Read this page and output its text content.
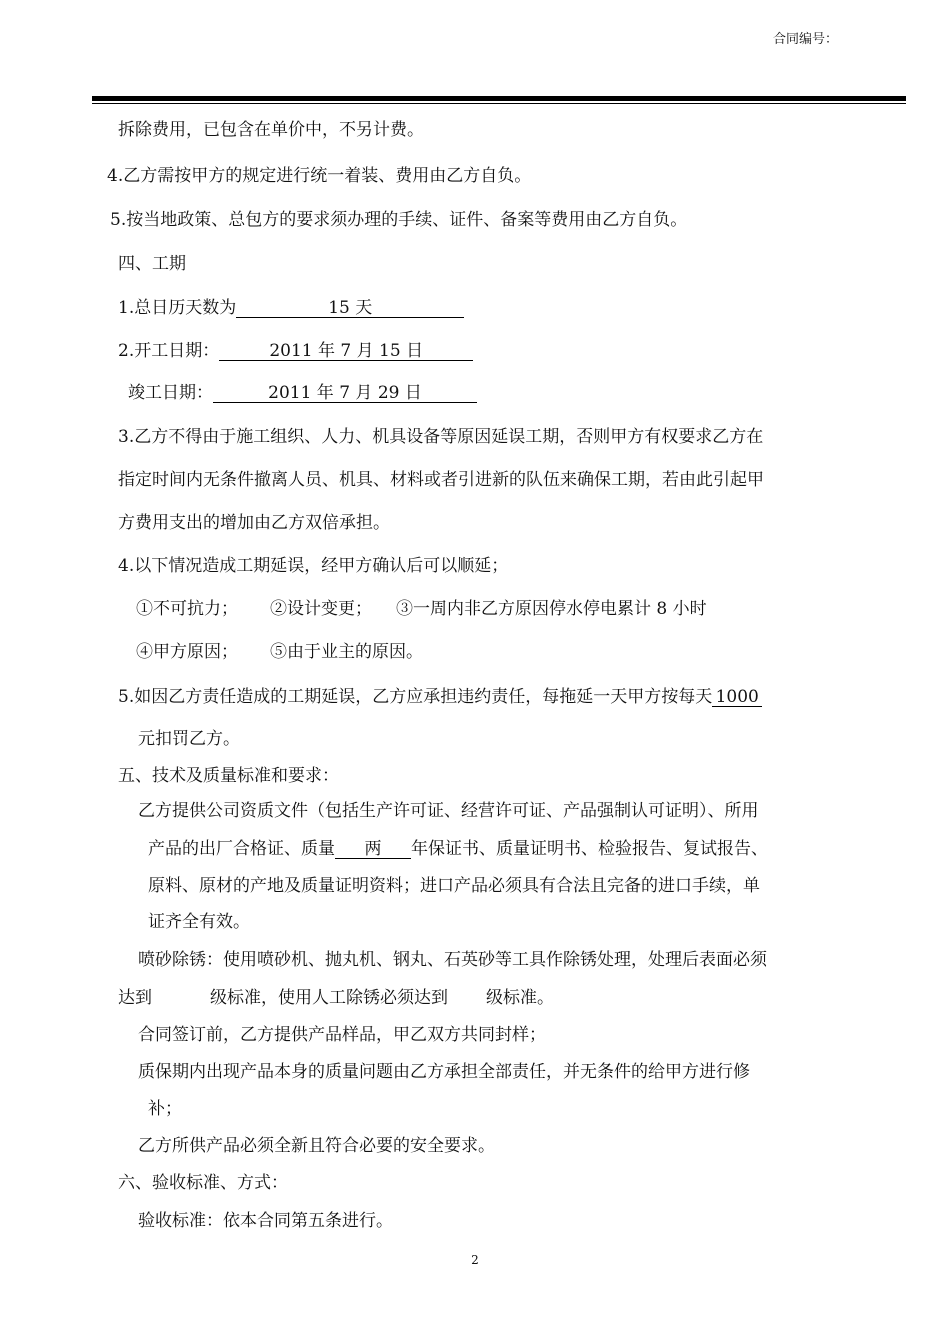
合同编号：
拆除费用，已包含在单价中，不另计费。
4.乙方需按甲方的规定进行统一着装、费用由乙方自负。
5.按当地政策、总包方的要求须办理的手续、证件、备案等费用由乙方自负。
四、工期
1.总日历天数为	15 天
2.开工日期：	2011 年 7 月 15 日
竣工日期：	2011 年 7 月 29 日
3.乙方不得由于施工组织、人力、机具设备等原因延误工期，否则甲方有权要求乙方在
指定时间内无条件撤离人员、机具、材料或者引进新的队伍来确保工期，若由此引起甲
方费用支出的增加由乙方双倍承担。
4.以下情况造成工期延误，经甲方确认后可以顺延；
①不可抗力； ②设计变更； ③一周内非乙方原因停水停电累计 8 小时
④甲方原因； ⑤由于业主的原因。
5.如因乙方责任造成的工期延误，乙方应承担违约责任，每拖延一天甲方按每天 1000
元扣罚乙方。
五、技术及质量标准和要求：
乙方提供公司资质文件（包括生产许可证、经营许可证、产品强制认可证明）、所用
产品的出厂合格证、质量 两 年保证书、质量证明书、检验报告、复试报告、
原料、原材的产地及质量证明资料；进口产品必须具有合法且完备的进口手续，单
证齐全有效。
喷砂除锈：使用喷砂机、抛丸机、钢丸、石英砂等工具作除锈处理，处理后表面必须
达到	级标准，使用人工除锈必须达到 级标准。
合同签订前，乙方提供产品样品，甲乙双方共同封样；
质保期内出现产品本身的质量问题由乙方承担全部责任，并无条件的给甲方进行修
补；
乙方所供产品必须全新且符合必要的安全要求。
六、验收标准、方式：
验收标准：依本合同第五条进行。
2
